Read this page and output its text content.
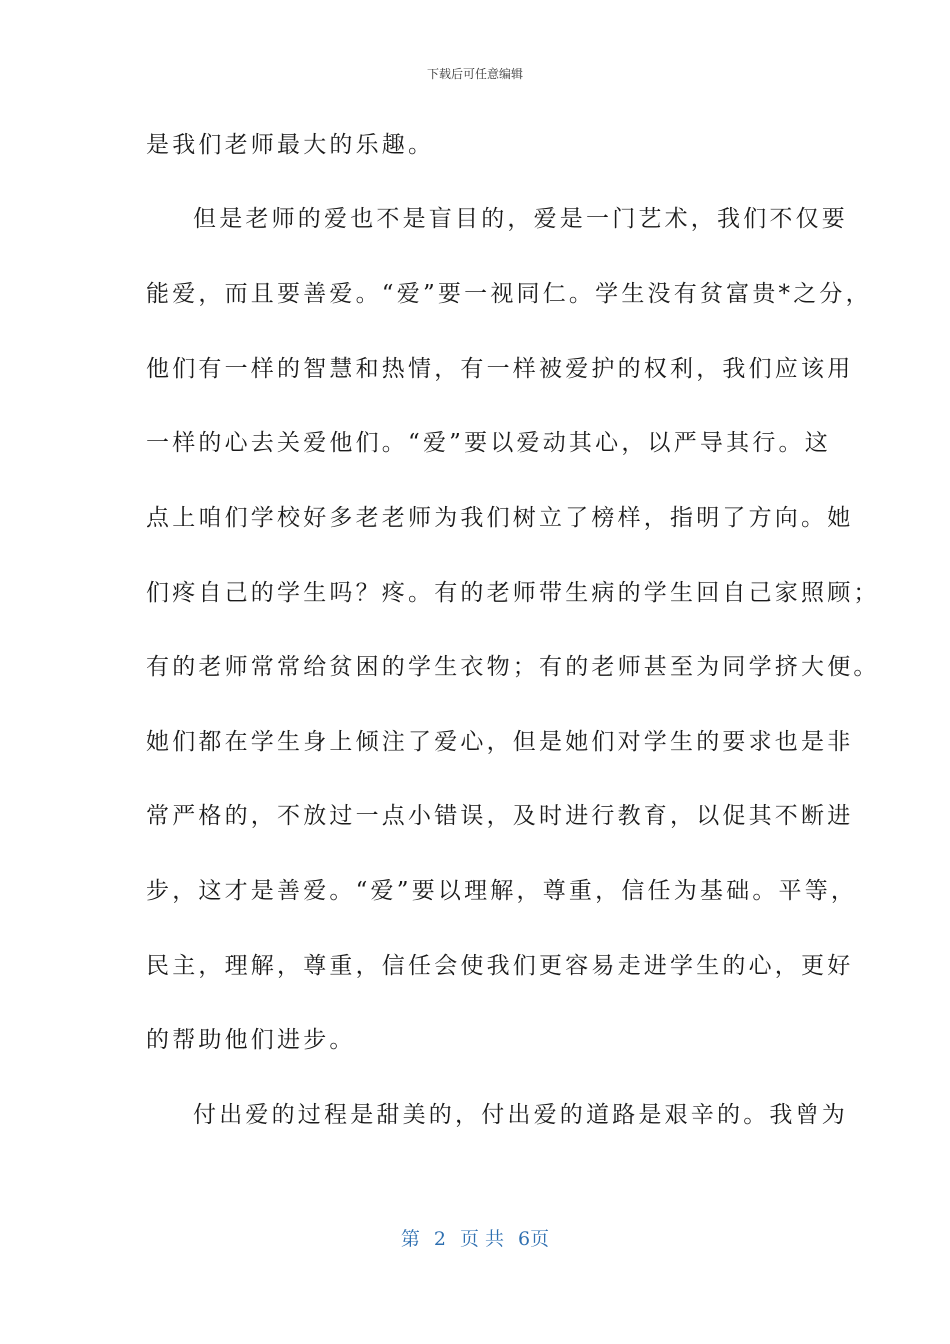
下载后可任意编辑
是我们老师最大的乐趣。
但是老师的爱也不是盲目的，爱是一门艺术，我们不仅要
能爱，而且要善爱。“爱”要一视同仁。学生没有贫富贵*之分，
他们有一样的智慧和热情，有一样被爱护的权利，我们应该用
一样的心去关爱他们。“爱”要以爱动其心，以严导其行。这
点上咱们学校好多老老师为我们树立了榜样，指明了方向。她
们疼自己的学生吗？疼。有的老师带生病的学生回自己家照顾；
有的老师常常给贫困的学生衣物；有的老师甚至为同学挤大便。
她们都在学生身上倾注了爱心，但是她们对学生的要求也是非
常严格的，不放过一点小错误，及时进行教育，以促其不断进
步，这才是善爱。“爱”要以理解，尊重，信任为基础。平等，
民主，理解，尊重，信任会使我们更容易走进学生的心，更好
的帮助他们进步。
付出爱的过程是甜美的，付出爱的道路是艰辛的。我曾为
第 2 页 共 6页
